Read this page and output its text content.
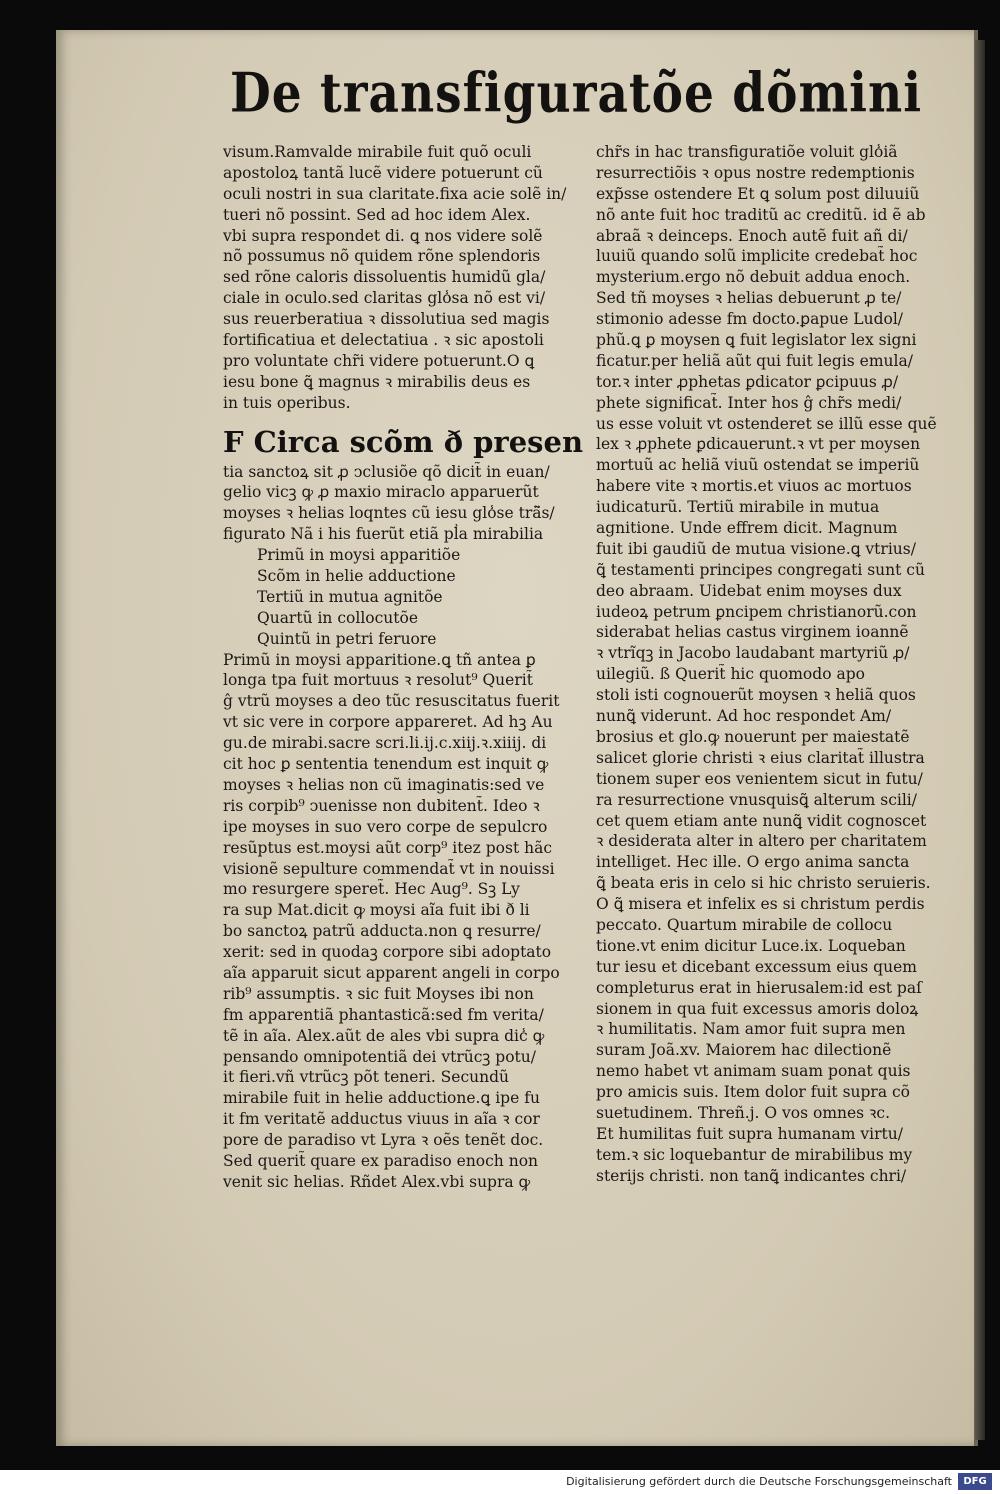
De transfiguratõe dõmini
visum.Ramvalde mirabile fuit quõ oculi
apostoloꝝ tantã lucẽ videre potuerunt cũ
oculi nostri in sua claritate.fixa acie solẽ in/
tueri nõ possint. Sed ad hoc idem Alex.
vbi supra respondet di. ꝗ nos videre solẽ
nõ possumus nõ quidem rõne splendoris
sed rõne caloris dissoluentis humidũ gla/
ciale in oculo.sed claritas glo̾sa nõ est vi/
sus reuerberatiua ꝛ dissolutiua sed magis
fortificatiua et delectatiua . ꝛ sic apostoli
pro voluntate chr̃i videre potuerunt.O ꝗ
iesu bone ꝗ̃ magnus ꝛ mirabilis deus es
in tuis operibus.
F Circa scõm ð presen
tia sanctoꝝ sit ꝓ ↄclusiõe qõ dicit̃ in euan/
gelio vicꝫ ꝙ ꝓ maxio miraclo apparuerũt
moyses ꝛ helias loqntes cũ iesu glo̾se trã̃s/
figurato Nã i his fuerũt etiã pl̾a mirabilia
Primũ in moysi apparitiõe
Scõm in helie adductione
Tertiũ in mutua agnitõe
Quartũ in collocutõe
Quintũ in petri feruore
Primũ in moysi apparitione.ꝗ tñ antea ꝑ
longa tpa fuit mortuus ꝛ resolut⁹ Querit̃
ĝ vtrũ moyses a deo tũc resuscitatus fuerit
vt sic vere in corpore appareret. Ad hꝫ Au
gu.de mirabi.sacre scri.li.ij.c.xiij.ꝛ.xiiij. di
cit hoc ꝑ sententia tenendum est inquit ꝙ
moyses ꝛ helias non cũ imaginatis:sed ve
ris corpib⁹ ↄuenisse non dubitent̃. Ideo ꝛ
ipe moyses in suo vero corpe de sepulcro
resũptus est.moysi aũt corp⁹ itez post hãc
visionẽ sepulture commendat̃ vt in nouissi
mo resurgere speret̃. Hec Aug⁹. Sꝫ Ly
ra sup Mat.dicit ꝙ moysi aĩa fuit ibi ð li
bo sanctoꝝ patrũ adducta.non ꝗ resurre/
xerit: sed in quodaꝫ corpore sibi adoptato
aĩa apparuit sicut apparent angeli in corpo
rib⁹ assumptis. ꝛ sic fuit Moyses ibi non
fm apparentiã phantasticã:sed fm verita/
tẽ in aĩa. Alex.aũt de ales vbi supra dic̾ ꝙ
pensando omnipotentiã dei vtrũcꝫ potu/
it fieri.vñ vtrũcꝫ põt teneri. Secundũ
mirabile fuit in helie adductione.ꝗ ipe fu
it fm veritatẽ adductus viuus in aĩa ꝛ cor
pore de paradiso vt Lyra ꝛ oẽs tenẽt doc.
Sed querit̃ quare ex paradiso enoch non
venit sic helias. Rñdet Alex.vbi supra ꝙ
chr̃s in hac transfiguratiõe voluit glo̾iã
resurrectiõis ꝛ opus nostre redemptionis
exp̃sse ostendere Et ꝗ solum post diluuiũ
nõ ante fuit hoc traditũ ac creditũ. id ẽ ab
abraã ꝛ deinceps. Enoch autẽ fuit añ di/
luuiũ quando solũ implicite credebat̃ hoc
mysterium.ergo nõ debuit addua enoch.
Sed tñ moyses ꝛ helias debuerunt ꝓ te/
stimonio adesse fm docto.ꝑapue Ludol/
phũ.ꝗ ꝑ moysen ꝗ fuit legislator lex signi
ficatur.per heliã aũt qui fuit legis emula/
tor.ꝛ inter ꝓphetas ꝑdicator ꝑcipuus ꝓ/
phete significat̃. Inter hos ĝ chr̃s medi/
us esse voluit vt ostenderet se illũ esse quẽ
lex ꝛ ꝓphete ꝑdicauerunt.ꝛ vt per moysen
mortuũ ac heliã viuũ ostendat se imperiũ
habere vite ꝛ mortis.et viuos ac mortuos
iudicaturũ. Tertiũ mirabile in mutua
agnitione. Unde effrem dicit. Magnum
fuit ibi gaudiũ de mutua visione.ꝗ vtrius/
ꝗ̃ testamenti principes congregati sunt cũ
deo abraam. Uidebat enim moyses dux
iudeoꝝ petrum ꝑncipem christianorũ.con
siderabat helias castus virginem ioannẽ
ꝛ vtrĩqꝫ in Jacobo laudabant martyriũ ꝓ/
uilegiũ. ß Querit̃ hic quomodo apo
stoli isti cognouerũt moysen ꝛ heliã quos
nunꝗ̃ viderunt. Ad hoc respondet Am/
brosius et glo.ꝙ nouerunt per maiestatẽ
salicet glorie christi ꝛ eius claritat̃ illustra
tionem super eos venientem sicut in futu/
ra resurrectione vnusquisꝗ̃ alterum scili/
cet quem etiam ante nunꝗ̃ vidit cognoscet
ꝛ desiderata alter in altero per charitatem
intelliget. Hec ille. O ergo anima sancta
ꝗ̃ beata eris in celo si hic christo seruieris.
O ꝗ̃ misera et infelix es si christum perdis
peccato. Quartum mirabile de collocu
tione.vt enim dicitur Luce.ix. Loqueban
tur iesu et dicebant excessum eius quem
completurus erat in hierusalem:id est paſ
sionem in qua fuit excessus amoris doloꝝ
ꝛ humilitatis. Nam amor fuit supra men
suram Joã.xv. Maiorem hac dilectionẽ
nemo habet vt animam suam ponat quis
pro amicis suis. Item dolor fuit supra cõ
suetudinem. Threñ.j. O vos omnes ꝛc.
Et humilitas fuit supra humanam virtu/
tem.ꝛ sic loquebantur de mirabilibus my
sterijs christi. non tanꝗ̃ indicantes chri/
Digitalisierung gefördert durch die Deutsche Forschungsgemeinschaft	DFG
